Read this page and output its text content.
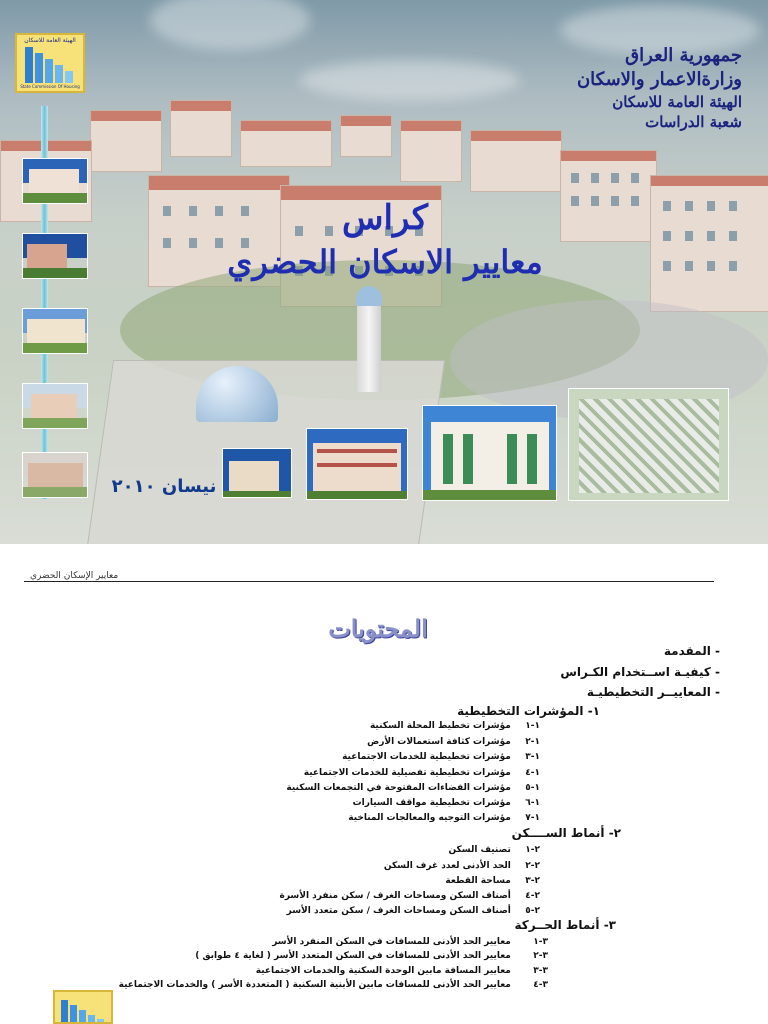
الهيئة العامة للاسكان
State Commission Of Housing
جمهورية العراق
وزارةالاعمار والاسكان
الهيئة العامة للاسكان
شعبة الدراسات
كراس
معايير الاسكان الحضري
نيسان ٢٠١٠
معايير الإسكان الحضري
المحتويات
- المقدمة
- كيفيـة اســتخدام الكـراس
- المعاييــر التخطيطيـة
١- المؤشرات التخطيطية
١-١ مؤشرات تخطيط المحلة السكنية
١-٢ مؤشرات كثافة استعمالات الأرض
١-٣ مؤشرات تخطيطية للخدمات الاجتماعية
١-٤ مؤشرات تخطيطية تفصيلية للخدمات الاجتماعية
١-٥ مؤشرات الفضاءات المفتوحة في التجمعات السكنية
١-٦ مؤشرات تخطيطية مواقف السيارات
١-٧ مؤشرات التوجيه والمعالجات المناخية
٢- أنماط الســــكن
٢-١ تصنيف السكن
٢-٢ الحد الأدنى لعدد غرف السكن
٢-٣ مساحة القطعة
٢-٤ أصناف السكن ومساحات الغرف / سكن منفرد الأسرة
٢-٥ أصناف السكن ومساحات الغرف / سكن متعدد الأسر
٣- أنماط الحــركة
٣-١ معايير الحد الأدنى للمسافات في السكن المنفرد الأسر
٣-٢ معايير الحد الأدنى للمسافات في السكن المتعدد الأسر ( لغاية ٤ طوابق )
٣-٣ معايير المسافة مابين الوحدة السكنية والخدمات الاجتماعية
٣-٤ معايير الحد الأدنى للمسافات مابين الأبنية السكنية ( المتعددة الأسر ) والخدمات الاجتماعية
